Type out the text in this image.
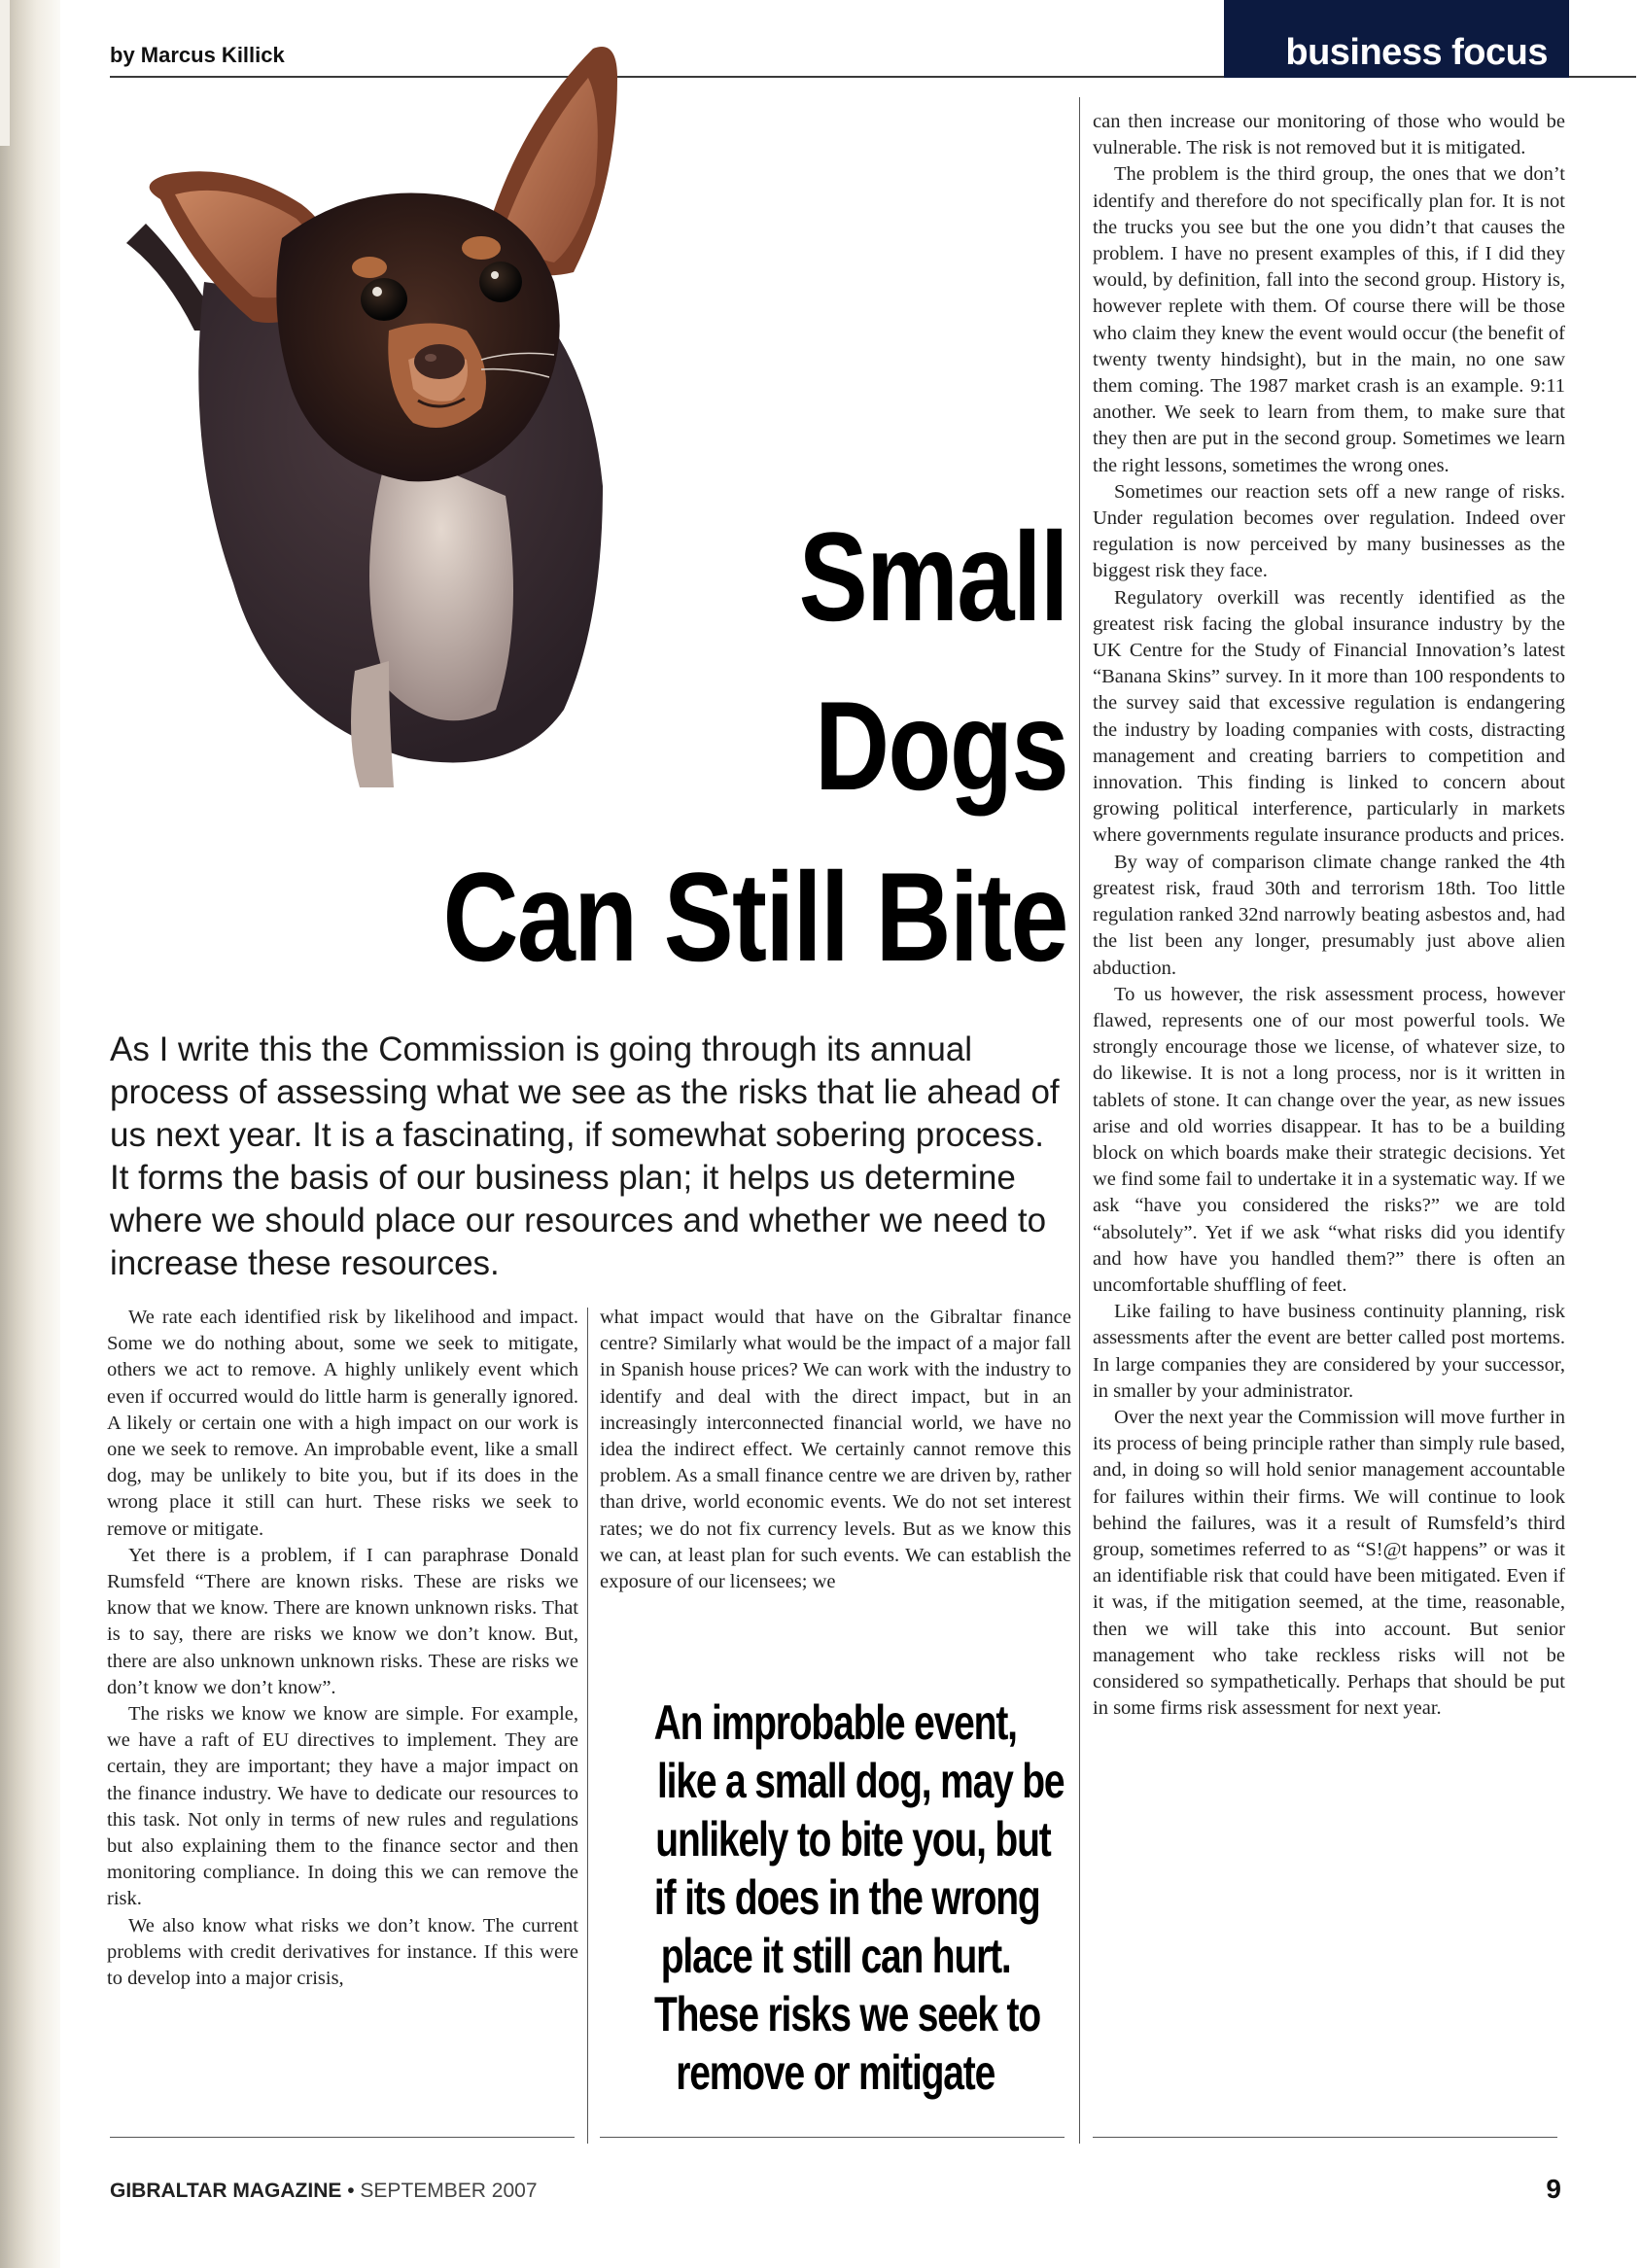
by Marcus Killick	business focus
Small
Dogs
Can Still Bite
As I write this the Commission is going through its annual process of assessing what we see as the risks that lie ahead of us next year. It is a fascinating, if somewhat sobering process. It forms the basis of our business plan; it helps us determine where we should place our resources and whether we need to increase these resources.

We rate each identified risk by likelihood and impact. Some we do nothing about, some we seek to mitigate, others we act to remove. A highly unlikely event which even if occurred would do little harm is generally ignored. A likely or certain one with a high impact on our work is one we seek to remove. An improbable event, like a small dog, may be unlikely to bite you, but if its does in the wrong place it still can hurt. These risks we seek to remove or mitigate.

Yet there is a problem, if I can paraphrase Donald Rumsfeld “There are known risks. These are risks we know that we know. There are known unknown risks. That is to say, there are risks we know we don’t know. But, there are also unknown unknown risks. These are risks we don’t know we don’t know”.

The risks we know we know are simple. For example, we have a raft of EU directives to implement. They are certain, they are important; they have a major impact on the finance industry. We have to dedicate our resources to this task. Not only in terms of new rules and regulations but also explaining them to the finance sector and then monitoring compliance. In doing this we can remove the risk.

We also know what risks we don’t know. The current problems with credit derivatives for instance. If this were to develop into a major crisis,

what impact would that have on the Gibraltar finance centre? Similarly what would be the impact of a major fall in Spanish house prices? We can work with the industry to identify and deal with the direct impact, but in an increasingly interconnected financial world, we have no idea the indirect effect. We certainly cannot remove this problem. As a small finance centre we are driven by, rather than drive, world economic events. We do not set interest rates; we do not fix currency levels. But as we know this we can, at least plan for such events. We can establish the exposure of our licensees; we

An improbable event,
like a small dog, may be
unlikely to bite you, but
if its does in the wrong
place it still can hurt.
These risks we seek to
remove or mitigate

can then increase our monitoring of those who would be vulnerable. The risk is not removed but it is mitigated.

The problem is the third group, the ones that we don’t identify and therefore do not specifically plan for. It is not the trucks you see but the one you didn’t that causes the problem. I have no present examples of this, if I did they would, by definition, fall into the second group. History is, however replete with them. Of course there will be those who claim they knew the event would occur (the benefit of twenty twenty hindsight), but in the main, no one saw them coming. The 1987 market crash is an example. 9:11 another. We seek to learn from them, to make sure that they then are put in the second group. Sometimes we learn the right lessons, sometimes the wrong ones.

Sometimes our reaction sets off a new range of risks. Under regulation becomes over regulation. Indeed over regulation is now perceived by many businesses as the biggest risk they face.

Regulatory overkill was recently identified as the greatest risk facing the global insurance industry by the UK Centre for the Study of Financial Innovation’s latest “Banana Skins” survey. In it more than 100 respondents to the survey said that excessive regulation is endangering the industry by loading companies with costs, distracting management and creating barriers to competition and innovation. This finding is linked to concern about growing political interference, particularly in markets where governments regulate insurance products and prices.

By way of comparison climate change ranked the 4th greatest risk, fraud 30th and terrorism 18th. Too little regulation ranked 32nd narrowly beating asbestos and, had the list been any longer, presumably just above alien abduction.

To us however, the risk assessment process, however flawed, represents one of our most powerful tools. We strongly encourage those we license, of whatever size, to do likewise. It is not a long process, nor is it written in tablets of stone. It can change over the year, as new issues arise and old worries disappear. It has to be a building block on which boards make their strategic decisions. Yet we find some fail to undertake it in a systematic way. If we ask “have you considered the risks?” we are told “absolutely”. Yet if we ask “what risks did you identify and how have you handled them?” there is often an uncomfortable shuffling of feet.

Like failing to have business continuity planning, risk assessments after the event are better called post mortems. In large companies they are considered by your successor, in smaller by your administrator.

Over the next year the Commission will move further in its process of being principle rather than simply rule based, and, in doing so will hold senior management accountable for failures within their firms. We will continue to look behind the failures, was it a result of Rumsfeld’s third group, sometimes referred to as “S!@t happens” or was it an identifiable risk that could have been mitigated. Even if it was, if the mitigation seemed, at the time, reasonable, then we will take this into account. But senior management who take reckless risks will not be considered so sympathetically. Perhaps that should be put in some firms risk assessment for next year.

GIBRALTAR MAGAZINE • SEPTEMBER 2007	9
